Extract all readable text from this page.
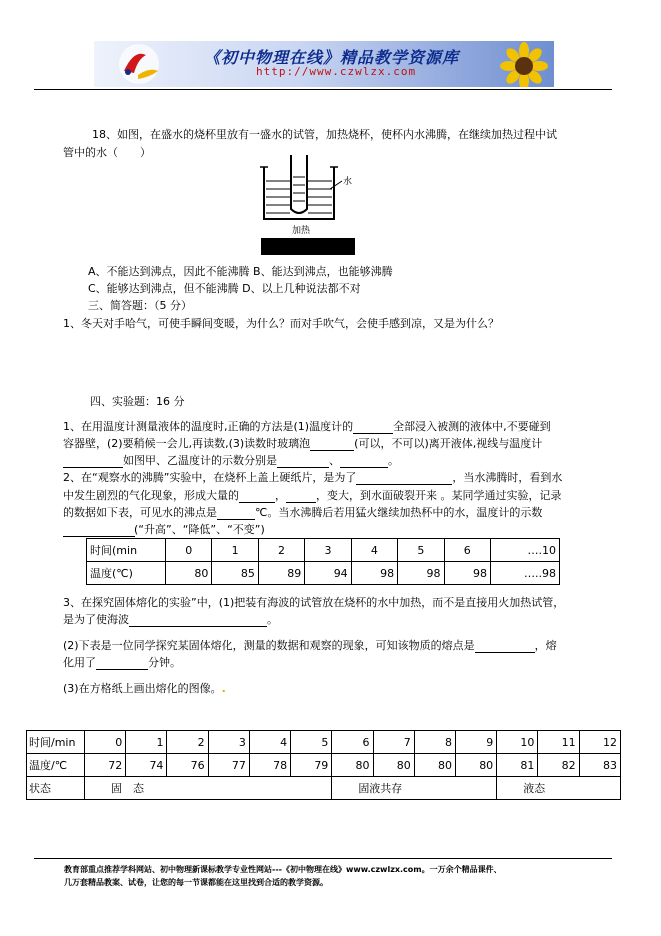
《初中物理在线》精品教学资源库
http://www.czwlzx.com
18、如图，在盛水的烧杯里放有一盛水的试管，加热烧杯，使杯内水沸腾，在继续加热过程中试
管中的水（　　）
水
加热
A、不能达到沸点，因此不能沸腾 B、能达到沸点，也能够沸腾
C、能够达到沸点，但不能沸腾 D、以上几种说法都不对
三、简答题：（5 分）
1、冬天对手哈气，可使手瞬间变暖，为什么？而对手吹气，会使手感到凉，又是为什么？
四、实验题：16 分
1、在用温度计测量液体的温度时,正确的方法是(1)温度计的	全部浸入被测的液体中,不要碰到
容器壁，(2)要稍候一会儿,再读数,(3)读数时玻璃泡	(可以，不可以)离开液体,视线与温度计
如图甲、乙温度计的示数分别是	、	。
2、在“观察水的沸腾”实验中，在烧杯上盖上硬纸片，是为了	，当水沸腾时，看到水
中发生剧烈的气化现象，形成大量的	，	，变大，到水面破裂开来 。某同学通过实验，记录
的数据如下表，可见水的沸点是	℃。当水沸腾后若用猛火继续加热杯中的水，温度计的示数
(“升高”、“降低”、“不变”)
时间(min	0	1	2	3	4	5	6	….10
温度(℃)	80	85	89	94	98	98	98	…..98
3、在探究固体熔化的实验”中，(1)把装有海波的试管放在烧杯的水中加热，而不是直接用火加热试管，
是为了使海波	。
(2)下表是一位同学探究某固体熔化，测量的数据和观察的现象，可知该物质的熔点是	，熔
化用了	分钟。
(3)在方格纸上画出熔化的图像。.
时间/min	0	1	2	3	4	5	6	7	8	9	10	11	12
温度/℃	72	74	76	77	78	79	80	80	80	80	81	82	83
状态	固　态						固液共存				液态		
教育部重点推荐学科网站、初中物理新课标教学专业性网站---《初中物理在线》www.czwlzx.com。一万余个精品课件、
几万套精品教案、试卷，让您的每一节课都能在这里找到合适的教学资源。
